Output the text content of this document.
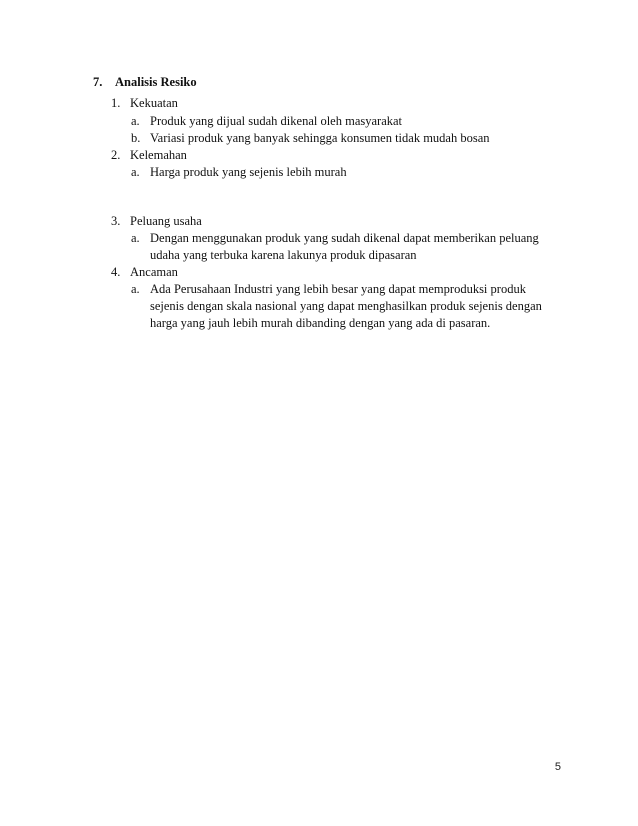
7. Analisis Resiko
1. Kekuatan
a. Produk yang dijual sudah dikenal oleh masyarakat
b. Variasi produk yang banyak sehingga konsumen tidak mudah bosan
2. Kelemahan
a. Harga produk yang sejenis lebih murah
3. Peluang usaha
a. Dengan menggunakan produk yang sudah dikenal dapat memberikan peluang
udaha yang terbuka karena lakunya produk dipasaran
4. Ancaman
a. Ada Perusahaan Industri yang lebih besar yang dapat memproduksi produk
sejenis dengan skala nasional yang dapat menghasilkan produk sejenis dengan
harga yang jauh lebih murah dibanding dengan yang ada di pasaran.
5
